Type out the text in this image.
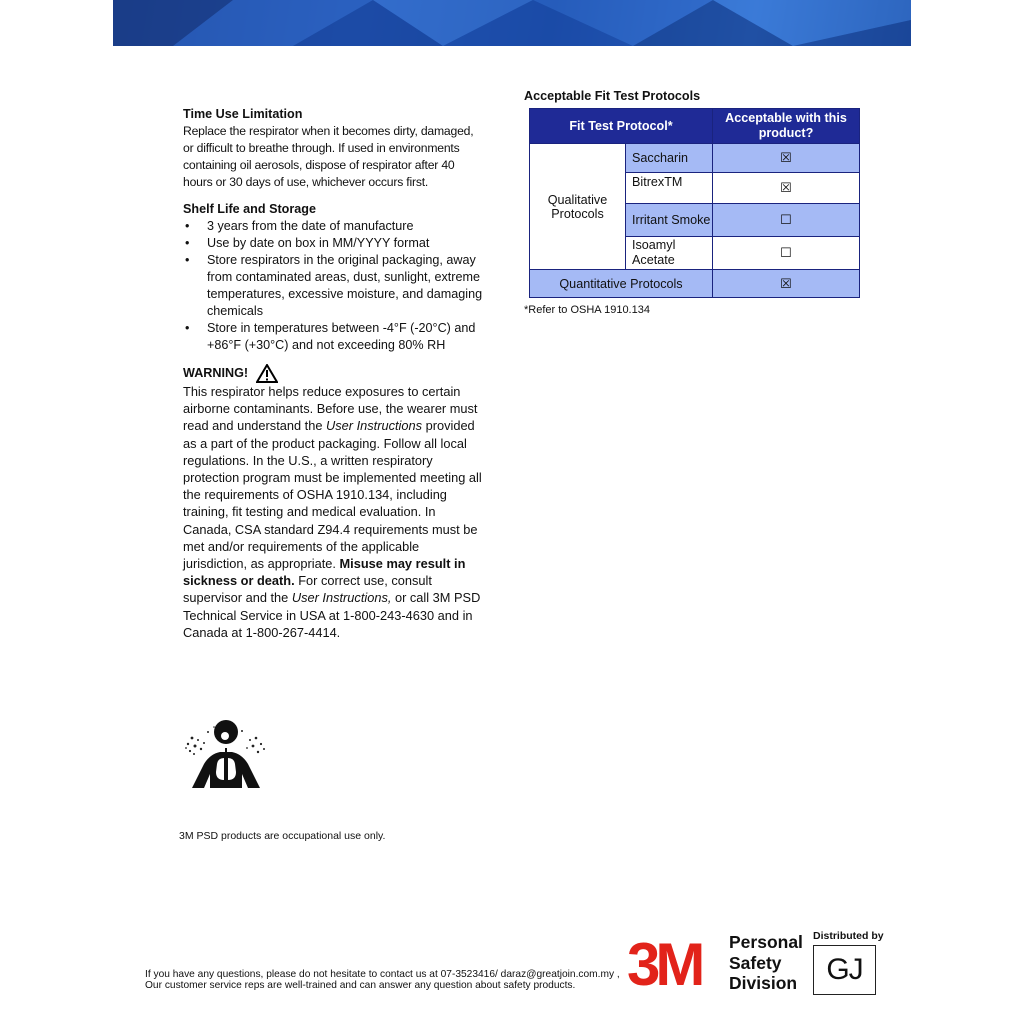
Time Use Limitation

Replace the respirator when it becomes dirty, damaged, or difficult to breathe through. If used in environments containing oil aerosols, dispose of respirator after 40 hours or 30 days of use, whichever occurs first.

Shelf Life and Storage
• 3 years from the date of manufacture
• Use by date on box in MM/YYYY format
• Store respirators in the original packaging, away from contaminated areas, dust, sunlight, extreme temperatures, excessive moisture, and damaging chemicals
• Store in temperatures between -4°F (-20°C) and +86°F (+30°C) and not exceeding 80% RH
WARNING!
This respirator helps reduce exposures to certain airborne contaminants. Before use, the wearer must read and understand the User Instructions provided as a part of the product packaging. Follow all local regulations. In the U.S., a written respiratory protection program must be implemented meeting all the requirements of OSHA 1910.134, including training, fit testing and medical evaluation. In Canada, CSA standard Z94.4 requirements must be met and/or requirements of the applicable jurisdiction, as appropriate. Misuse may result in sickness or death. For correct use, consult supervisor and the User Instructions, or call 3M PSD Technical Service in USA at 1-800-243-4630 and in Canada at 1-800-267-4414.
3M PSD products are occupational use only.
Acceptable Fit Test Protocols
Fit Test Protocol*		Acceptable with this product?
Qualitative Protocols	Saccharin	☒
	BitrexTM	☒
	Irritant Smoke	☐
	Isoamyl Acetate	☐
Quantitative Protocols		☒
*Refer to OSHA 1910.134
If you have any questions, please do not hesitate to contact us at 07-3523416/ daraz@greatjoin.com.my ,
Our customer service reps are well-trained and can answer any question about safety products. 3M Personal
Safety
Division
Distributed by
GJ
